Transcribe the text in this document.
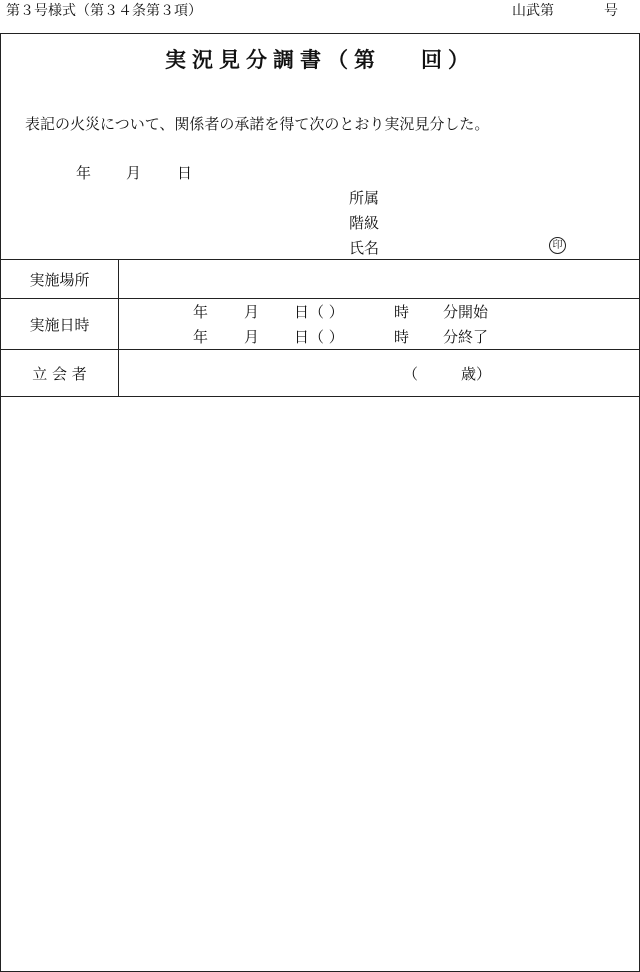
第３号様式（第３４条第３項）	山武第	号
実況見分調書（第 回）
表記の火災について、関係者の承諾を得て次のとおり実況見分した。
年 月 日
所属
階級
氏名	印
実施場所
実施日時
年 月 日（ ）	時 分開始
年 月 日（ ）	時 分終了
立 会 者	（	歳）
